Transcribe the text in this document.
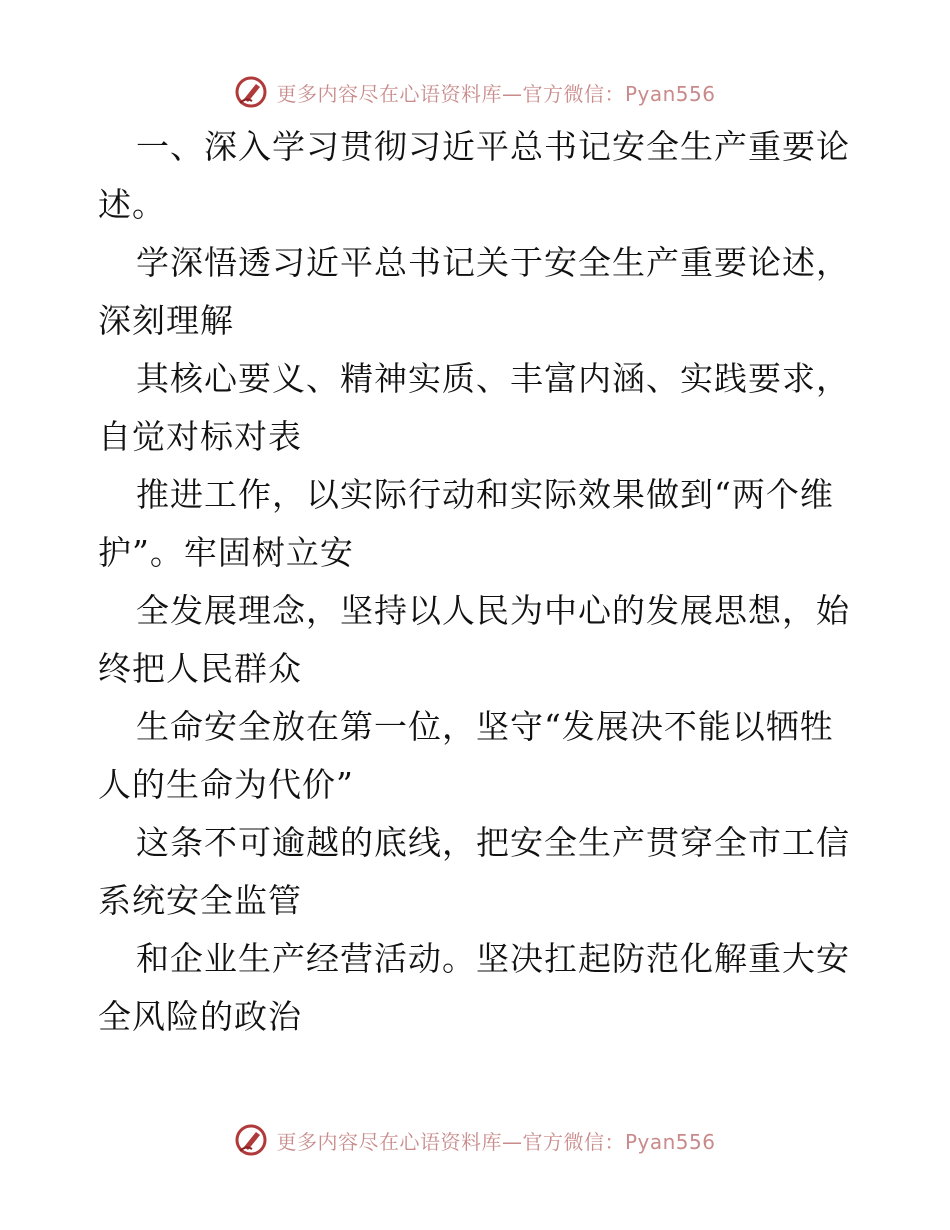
更多内容尽在心语资料库—官方微信：Pyan556

一、深入学习贯彻习近平总书记安全生产重要论

述。

学深悟透习近平总书记关于安全生产重要论述，

深刻理解

其核心要义、精神实质、丰富内涵、实践要求，

自觉对标对表

推进工作，以实际行动和实际效果做到“两个维

护”。牢固树立安

全发展理念，坚持以人民为中心的发展思想，始

终把人民群众

生命安全放在第一位，坚守“发展决不能以牺牲

人的生命为代价”

这条不可逾越的底线，把安全生产贯穿全市工信

系统安全监管

和企业生产经营活动。坚决扛起防范化解重大安

全风险的政治

更多内容尽在心语资料库—官方微信：Pyan556
